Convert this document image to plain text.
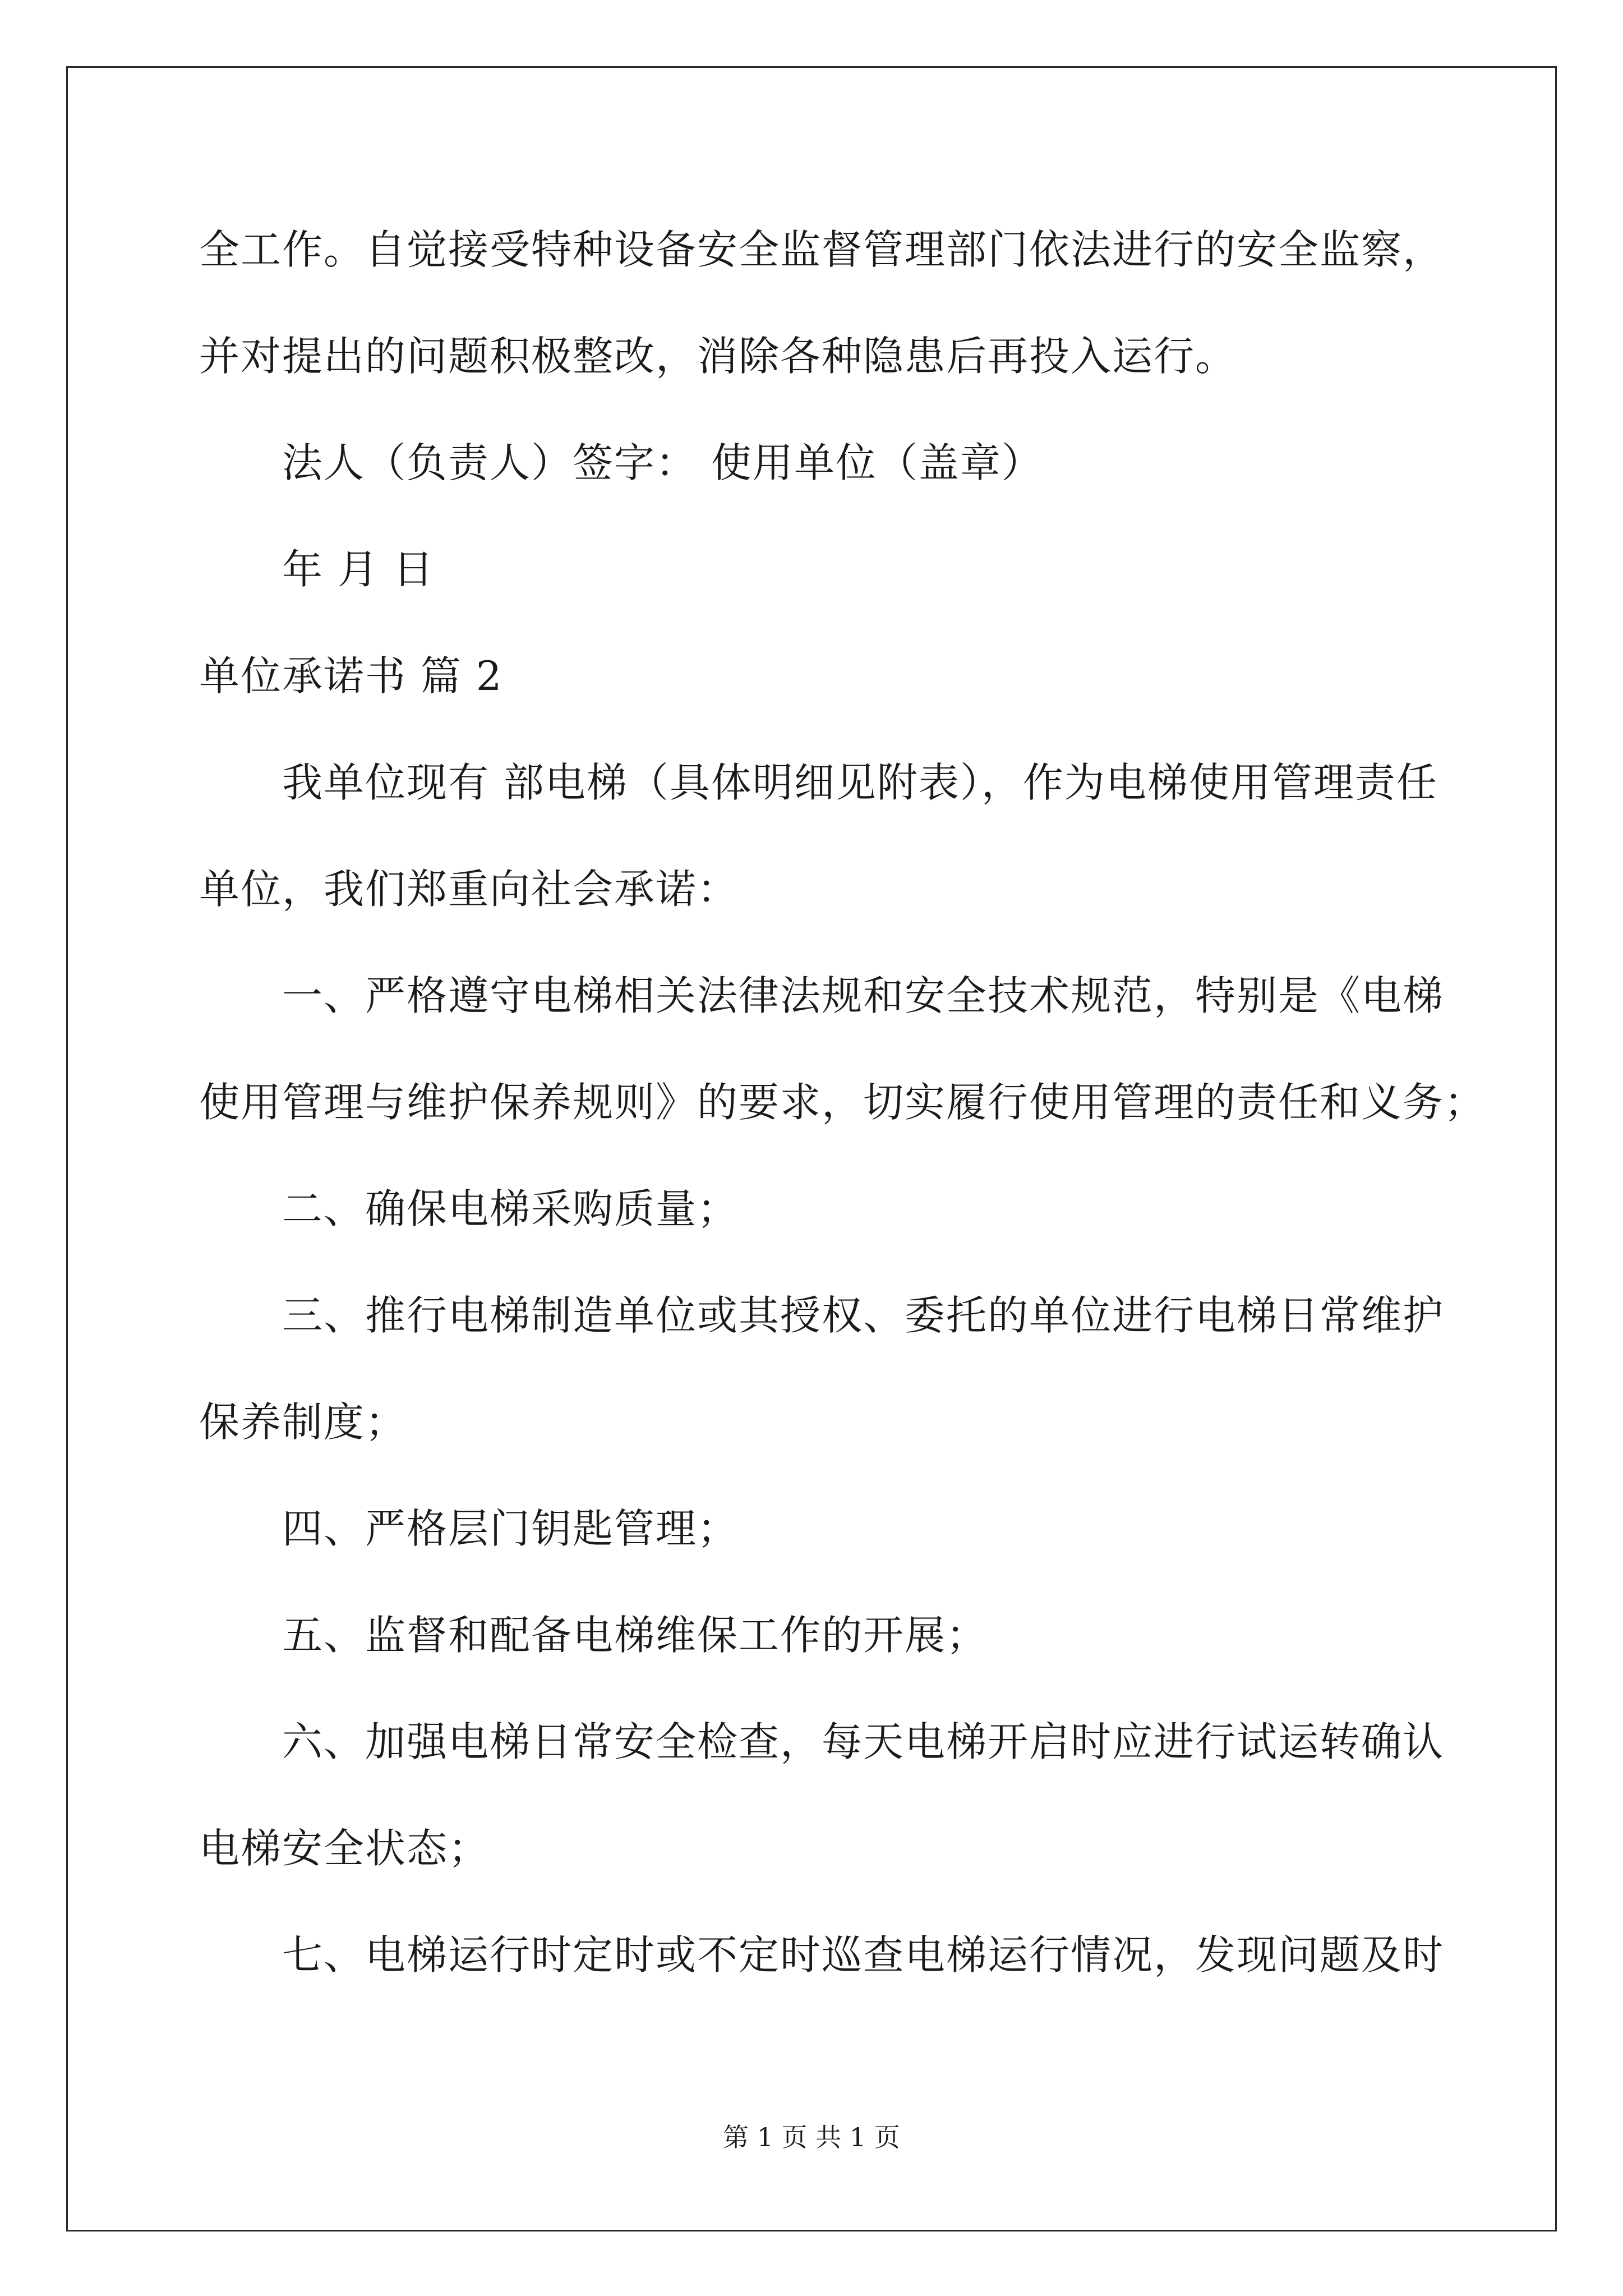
全工作。自觉接受特种设备安全监督管理部门依法进行的安全监察，
并对提出的问题积极整改，消除各种隐患后再投入运行。
法人（负责人）签字： 使用单位（盖章）
年 月 日
单位承诺书 篇 2
我单位现有 部电梯（具体明细见附表），作为电梯使用管理责任
单位，我们郑重向社会承诺：
一、严格遵守电梯相关法律法规和安全技术规范，特别是《电梯
使用管理与维护保养规则》的要求，切实履行使用管理的责任和义务；
二、确保电梯采购质量；
三、推行电梯制造单位或其授权、委托的单位进行电梯日常维护
保养制度；
四、严格层门钥匙管理；
五、监督和配备电梯维保工作的开展；
六、加强电梯日常安全检查，每天电梯开启时应进行试运转确认
电梯安全状态；
七、电梯运行时定时或不定时巡查电梯运行情况，发现问题及时
第 1 页 共 1 页
